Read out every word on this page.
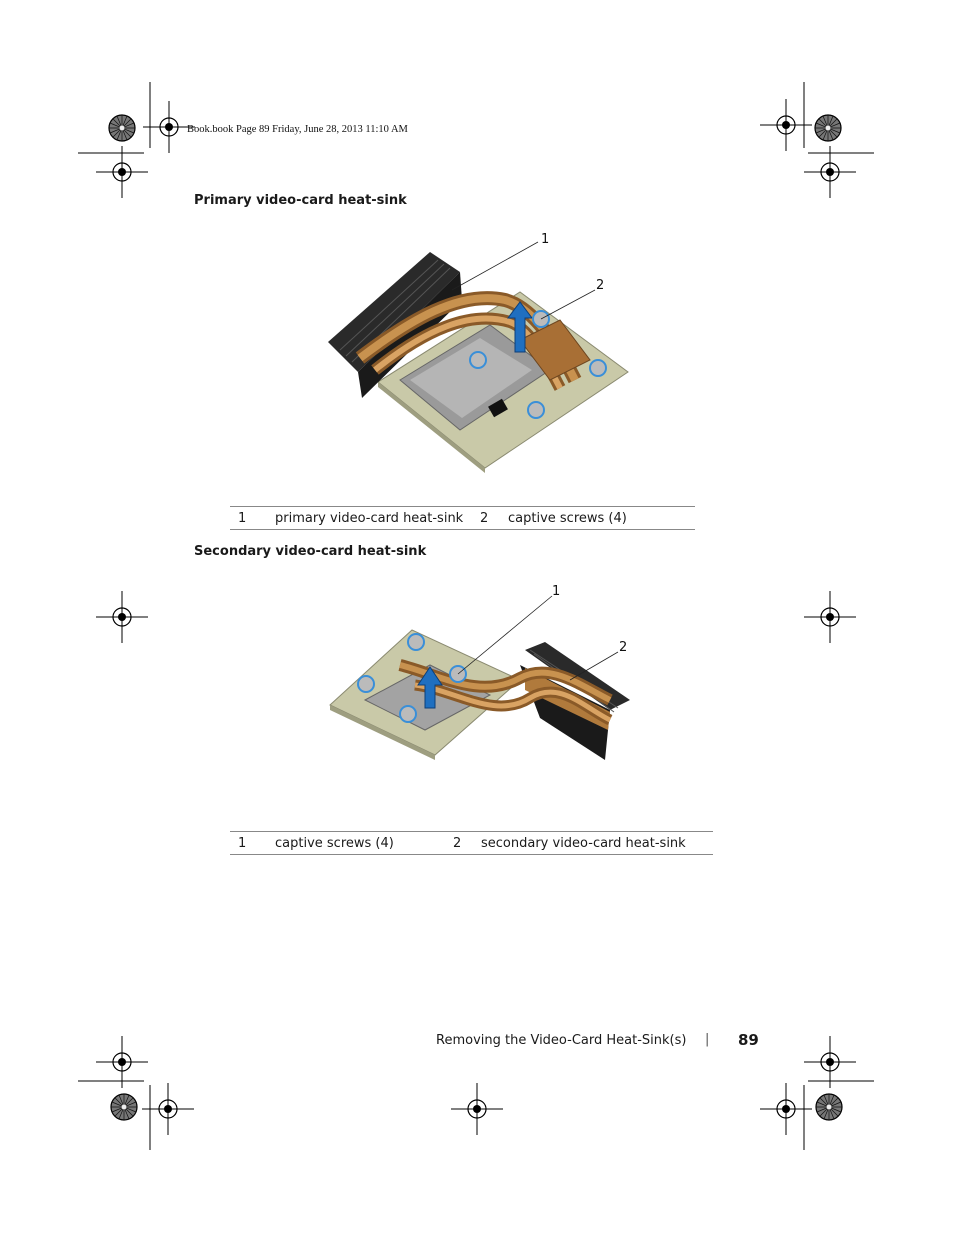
Book.book Page 89 Friday, June 28, 2013 11:10 AM
Primary video-card heat-sink
1
2
1	primary video-card heat-sink	2	captive screws (4)
Secondary video-card heat-sink
1
2
1	captive screws (4)	2	secondary video-card heat-sink
Removing the Video-Card Heat-Sink(s) | 89
